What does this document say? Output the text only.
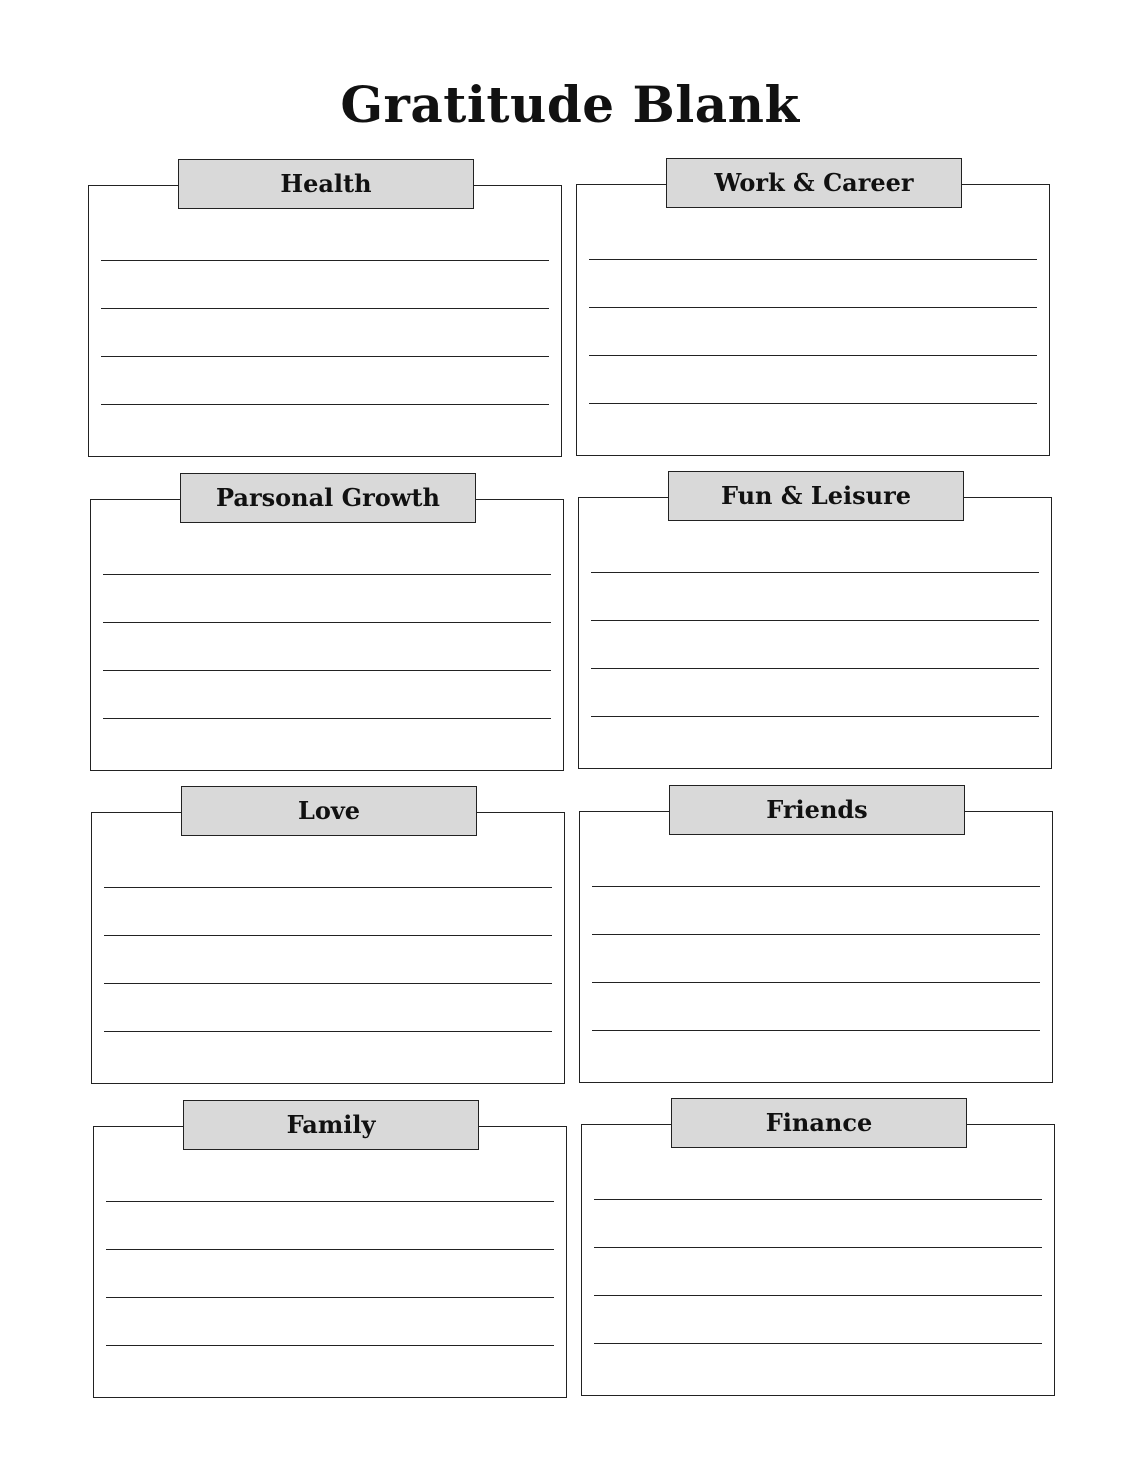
Gratitude Blank
Health	Work & Career
Parsonal Growth	Fun & Leisure
Love	Friends
Family	Finance
